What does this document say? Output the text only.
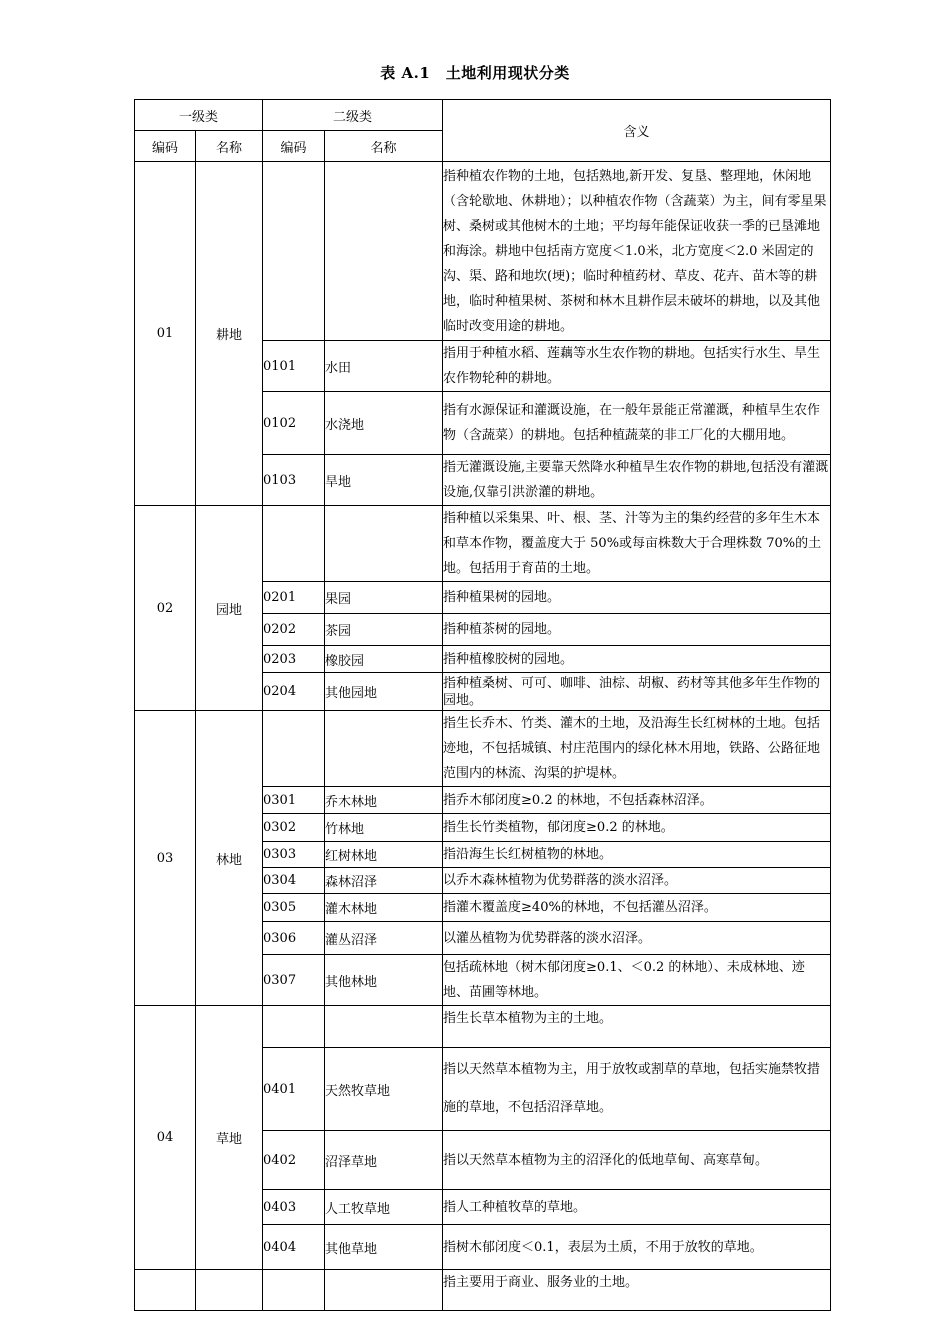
表 A.1　土地利用现状分类
一级类		二级类		含义
编码	名称	编码	名称	
01	耕地			指种植农作物的土地，包括熟地,新开发、复垦、整理地，休闲地（含轮歇地、休耕地）；以种植农作物（含蔬菜）为主，间有零星果树、桑树或其他树木的土地；平均每年能保证收获一季的已垦滩地和海涂。耕地中包括南方宽度＜1.0米，北方宽度＜2.0 米固定的沟、渠、路和地坎(埂)；临时种植药材、草皮、花卉、苗木等的耕地，临时种植果树、茶树和林木且耕作层未破坏的耕地，以及其他临时改变用途的耕地。
		0101	水田	指用于种植水稻、莲藕等水生农作物的耕地。包括实行水生、旱生农作物轮种的耕地。
		0102	水浇地	指有水源保证和灌溉设施，在一般年景能正常灌溉，种植旱生农作物（含蔬菜）的耕地。包括种植蔬菜的非工厂化的大棚用地。
		0103	旱地	指无灌溉设施,主要靠天然降水种植旱生农作物的耕地,包括没有灌溉设施,仅靠引洪淤灌的耕地。
02	园地			指种植以采集果、叶、根、茎、汁等为主的集约经营的多年生木本和草本作物，覆盖度大于 50%或每亩株数大于合理株数 70%的土地。包括用于育苗的土地。
		0201	果园	指种植果树的园地。
		0202	茶园	指种植茶树的园地。
		0203	橡胶园	指种植橡胶树的园地。
		0204	其他园地	指种植桑树、可可、咖啡、油棕、胡椒、药材等其他多年生作物的园地。
03	林地			指生长乔木、竹类、灌木的土地，及沿海生长红树林的土地。包括迹地，不包括城镇、村庄范围内的绿化林木用地，铁路、公路征地范围内的林流、沟渠的护堤林。
		0301	乔木林地	指乔木郁闭度≥0.2 的林地，不包括森林沼泽。
		0302	竹林地	指生长竹类植物，郁闭度≥0.2 的林地。
		0303	红树林地	指沿海生长红树植物的林地。
		0304	森林沼泽	以乔木森林植物为优势群落的淡水沼泽。
		0305	灌木林地	指灌木覆盖度≥40%的林地，不包括灌丛沼泽。
		0306	灌丛沼泽	以灌丛植物为优势群落的淡水沼泽。
		0307	其他林地	包括疏林地（树木郁闭度≥0.1、＜0.2 的林地）、未成林地、迹地、苗圃等林地。
04	草地			指生长草本植物为主的土地。
		0401	天然牧草地	指以天然草本植物为主，用于放牧或割草的草地，包括实施禁牧措施的草地，不包括沼泽草地。
		0402	沼泽草地	指以天然草本植物为主的沼泽化的低地草甸、高寒草甸。
		0403	人工牧草地	指人工种植牧草的草地。
		0404	其他草地	指树木郁闭度＜0.1，表层为土质，不用于放牧的草地。
				指主要用于商业、服务业的土地。
